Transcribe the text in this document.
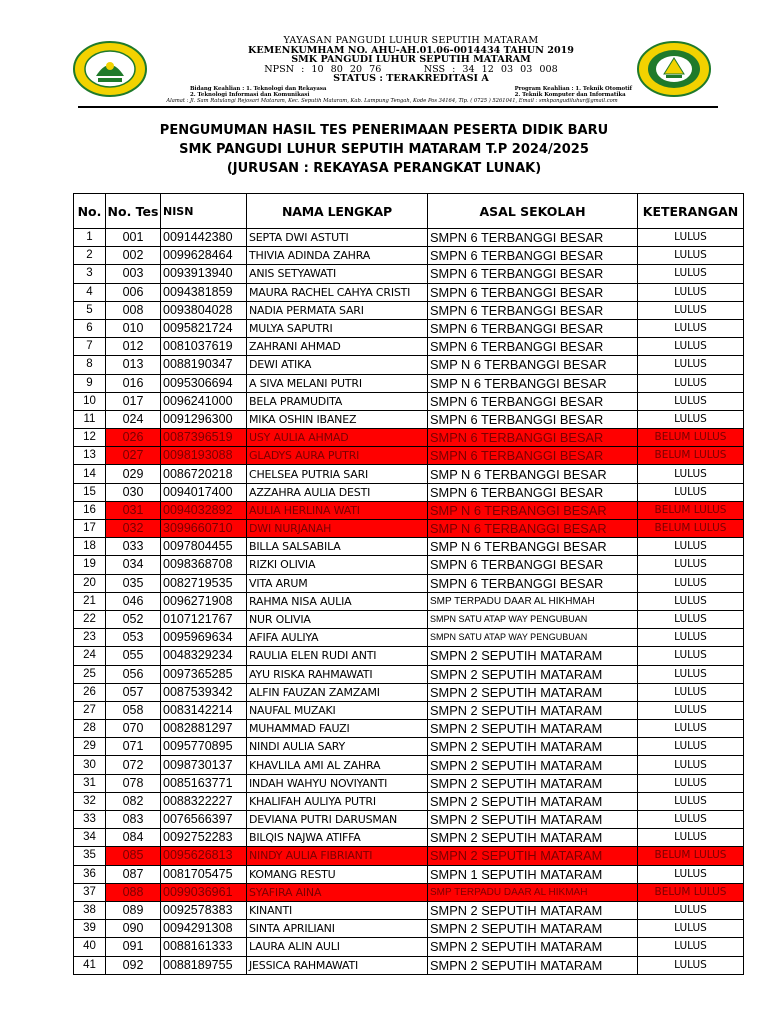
YAYASAN PANGUDI LUHUR SEPUTIH MATARAM
KEMENKUMHAM NO. AHU-AH.01.06-0014434 TAHUN 2019
SMK PANGUDI LUHUR SEPUTIH MATARAM
NPSN : 10 80 20 76	NSS : 34 12 03 03 008
STATUS : TERAKREDITASI A
Bidang Keahlian : 1. Teknologi dan Rekayasa
2. Teknologi Informasi dan Komunikasi
Program Keahlian : 1. Teknik Otomotif
2. Teknik Komputer dan Informatika
Alamat : Jl. Sam Ratulangi Rejosari Mataram, Kec. Seputih Mataram, Kab. Lampung Tengah, Kode Pos 34164, Tlp. ( 0725 ) 5261041, Email : smkpangudiluhur@gmail.com
PENGUMUMAN HASIL TES PENERIMAAN PESERTA DIDIK BARU
SMK PANGUDI LUHUR SEPUTIH MATARAM T.P 2024/2025
(JURUSAN : REKAYASA PERANGKAT LUNAK)
No.	No. Tes	NISN	NAMA LENGKAP	ASAL SEKOLAH	KETERANGAN
1	001	0091442380	SEPTA DWI ASTUTI	SMPN 6 TERBANGGI BESAR	LULUS
2	002	0099628464	THIVIA ADINDA ZAHRA	SMPN 6 TERBANGGI BESAR	LULUS
3	003	0093913940	ANIS SETYAWATI	SMPN 6 TERBANGGI BESAR	LULUS
4	006	0094381859	MAURA RACHEL CAHYA CRISTI	SMPN 6 TERBANGGI BESAR	LULUS
5	008	0093804028	NADIA PERMATA SARI	SMPN 6 TERBANGGI BESAR	LULUS
6	010	0095821724	MULYA SAPUTRI	SMPN 6 TERBANGGI BESAR	LULUS
7	012	0081037619	ZAHRANI AHMAD	SMPN 6 TERBANGGI BESAR	LULUS
8	013	0088190347	DEWI ATIKA	SMP N 6 TERBANGGI BESAR	LULUS
9	016	0095306694	A SIVA MELANI PUTRI	SMP N 6 TERBANGGI BESAR	LULUS
10	017	0096241000	BELA PRAMUDITA	SMPN 6 TERBANGGI BESAR	LULUS
11	024	0091296300	MIKA OSHIN IBANEZ	SMPN 6 TERBANGGI BESAR	LULUS
12	026	0087396519	USY AULIA AHMAD	SMPN 6 TERBANGGI BESAR	BELUM LULUS
13	027	0098193088	GLADYS AURA PUTRI	SMPN 6 TERBANGGI BESAR	BELUM LULUS
14	029	0086720218	CHELSEA PUTRIA SARI	SMP N 6 TERBANGGI BESAR	LULUS
15	030	0094017400	AZZAHRA AULIA DESTI	SMPN 6 TERBANGGI BESAR	LULUS
16	031	0094032892	AULIA HERLINA WATI	SMP N 6 TERBANGGI BESAR	BELUM LULUS
17	032	3099660710	DWI NURJANAH	SMP N 6 TERBANGGI BESAR	BELUM LULUS
18	033	0097804455	BILLA SALSABILA	SMP N 6 TERBANGGI BESAR	LULUS
19	034	0098368708	RIZKI OLIVIA	SMPN 6 TERBANGGI BESAR	LULUS
20	035	0082719535	VITA ARUM	SMPN 6 TERBANGGI BESAR	LULUS
21	046	0096271908	RAHMA NISA AULIA	SMP TERPADU DAAR AL HIKHMAH	LULUS
22	052	0107121767	NUR OLIVIA	SMPN SATU ATAP WAY PENGUBUAN	LULUS
23	053	0095969634	AFIFA AULIYA	SMPN SATU ATAP WAY PENGUBUAN	LULUS
24	055	0048329234	RAULIA ELEN RUDI ANTI	SMPN 2 SEPUTIH MATARAM	LULUS
25	056	0097365285	AYU RISKA RAHMAWATI	SMPN 2 SEPUTIH MATARAM	LULUS
26	057	0087539342	ALFIN FAUZAN ZAMZAMI	SMPN 2 SEPUTIH MATARAM	LULUS
27	058	0083142214	NAUFAL MUZAKI	SMPN 2 SEPUTIH MATARAM	LULUS
28	070	0082881297	MUHAMMAD FAUZI	SMPN 2 SEPUTIH MATARAM	LULUS
29	071	0095770895	NINDI AULIA SARY	SMPN 2 SEPUTIH MATARAM	LULUS
30	072	0098730137	KHAVLILA AMI AL ZAHRA	SMPN 2 SEPUTIH MATARAM	LULUS
31	078	0085163771	INDAH WAHYU NOVIYANTI	SMPN 2 SEPUTIH MATARAM	LULUS
32	082	0088322227	KHALIFAH AULIYA PUTRI	SMPN 2 SEPUTIH MATARAM	LULUS
33	083	0076566397	DEVIANA PUTRI DARUSMAN	SMPN 2 SEPUTIH MATARAM	LULUS
34	084	0092752283	BILQIS NAJWA ATIFFA	SMPN 2 SEPUTIH MATARAM	LULUS
35	085	0095626813	NINDY AULIA FIBRIANTI	SMPN 2 SEPUTIH MATARAM	BELUM LULUS
36	087	0081705475	KOMANG RESTU	SMPN 1 SEPUTIH MATARAM	LULUS
37	088	0099036961	SYAFIRA AINA	SMP TERPADU DAAR AL HIKMAH	BELUM LULUS
38	089	0092578383	KINANTI	SMPN 2 SEPUTIH MATARAM	LULUS
39	090	0094291308	SINTA APRILIANI	SMPN 2 SEPUTIH MATARAM	LULUS
40	091	0088161333	LAURA ALIN AULI	SMPN 2 SEPUTIH MATARAM	LULUS
41	092	0088189755	JESSICA RAHMAWATI	SMPN 2 SEPUTIH MATARAM	LULUS
